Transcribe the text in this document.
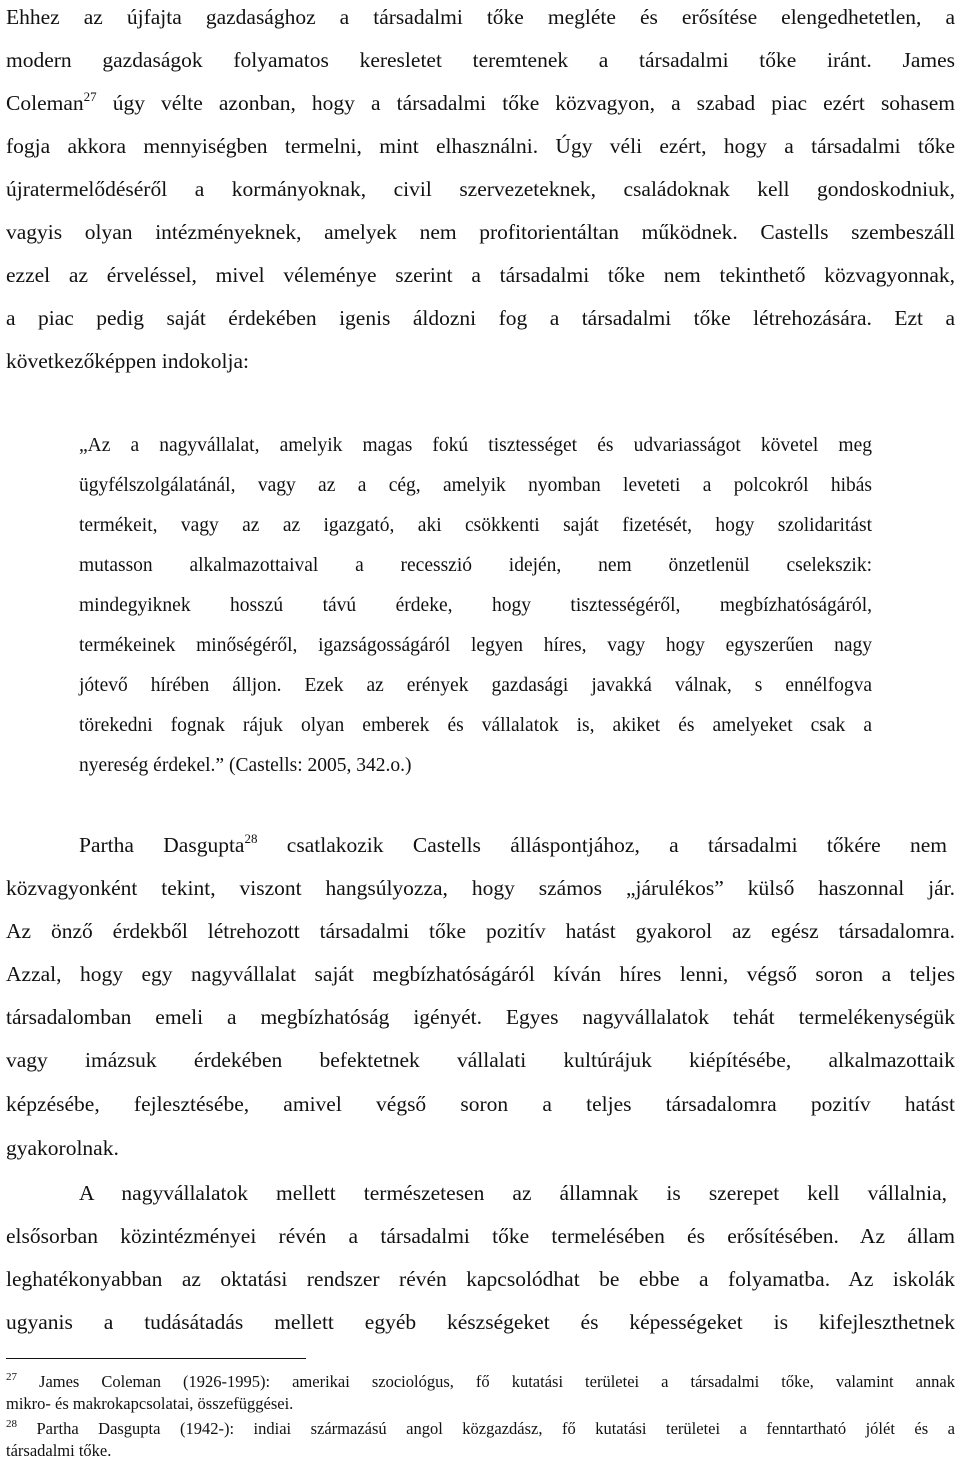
Ehhez az újfajta gazdasághoz a társadalmi tőke megléte és erősítése elengedhetetlen, a
modern gazdaságok folyamatos keresletet teremtenek a társadalmi tőke iránt. James
Coleman$^{27}$ úgy vélte azonban, hogy a társadalmi tőke közvagyon, a szabad piac ezért sohasem
fogja akkora mennyiségben termelni, mint elhasználni. Úgy véli ezért, hogy a társadalmi tőke
újratermelődéséről a kormányoknak, civil szervezeteknek, családoknak kell gondoskodniuk,
vagyis olyan intézményeknek, amelyek nem profitorientáltan működnek. Castells szembeszáll
ezzel az érveléssel, mivel véleménye szerint a társadalmi tőke nem tekinthető közvagyonnak,
a piac pedig saját érdekében igenis áldozni fog a társadalmi tőke létrehozására. Ezt a
következőképpen indokolja:
„Az a nagyvállalat, amelyik magas fokú tisztességet és udvariasságot követel meg
ügyfélszolgálatánál, vagy az a cég, amelyik nyomban leveteti a polcokról hibás
termékeit, vagy az az igazgató, aki csökkenti saját fizetését, hogy szolidaritást
mutasson alkalmazottaival a recesszió idején, nem önzetlenül cselekszik:
mindegyiknek hosszú távú érdeke, hogy tisztességéről, megbízhatóságáról,
termékeinek minőségéről, igazságosságáról legyen híres, vagy hogy egyszerűen nagy
jótevő hírében álljon. Ezek az erények gazdasági javakká válnak, s ennélfogva
törekedni fognak rájuk olyan emberek és vállalatok is, akiket és amelyeket csak a
nyereség érdekel.” (Castells: 2005, 342.o.)
Partha Dasgupta$^{28}$ csatlakozik Castells álláspontjához, a társadalmi tőkére nem
közvagyonként tekint, viszont hangsúlyozza, hogy számos „járulékos” külső haszonnal jár.
Az önző érdekből létrehozott társadalmi tőke pozitív hatást gyakorol az egész társadalomra.
Azzal, hogy egy nagyvállalat saját megbízhatóságáról kíván híres lenni, végső soron a teljes
társadalomban emeli a megbízhatóság igényét. Egyes nagyvállalatok tehát termelékenységük
vagy imázsuk érdekében befektetnek vállalati kultúrájuk kiépítésébe, alkalmazottaik
képzésébe, fejlesztésébe, amivel végső soron a teljes társadalomra pozitív hatást
gyakorolnak.
A nagyvállalatok mellett természetesen az államnak is szerepet kell vállalnia,
elsősorban közintézményei révén a társadalmi tőke termelésében és erősítésében. Az állam
leghatékonyabban az oktatási rendszer révén kapcsolódhat be ebbe a folyamatba. Az iskolák
ugyanis a tudásátadás mellett egyéb készségeket és képességeket is kifejleszthetnek
$^{27}$ James Coleman (1926-1995): amerikai szociológus, fő kutatási területei a társadalmi tőke, valamint annak
mikro- és makrokapcsolatai, összefüggései.
$^{28}$ Partha Dasgupta (1942-): indiai származású angol közgazdász, fő kutatási területei a fenntartható jólét és a
társadalmi tőke.
